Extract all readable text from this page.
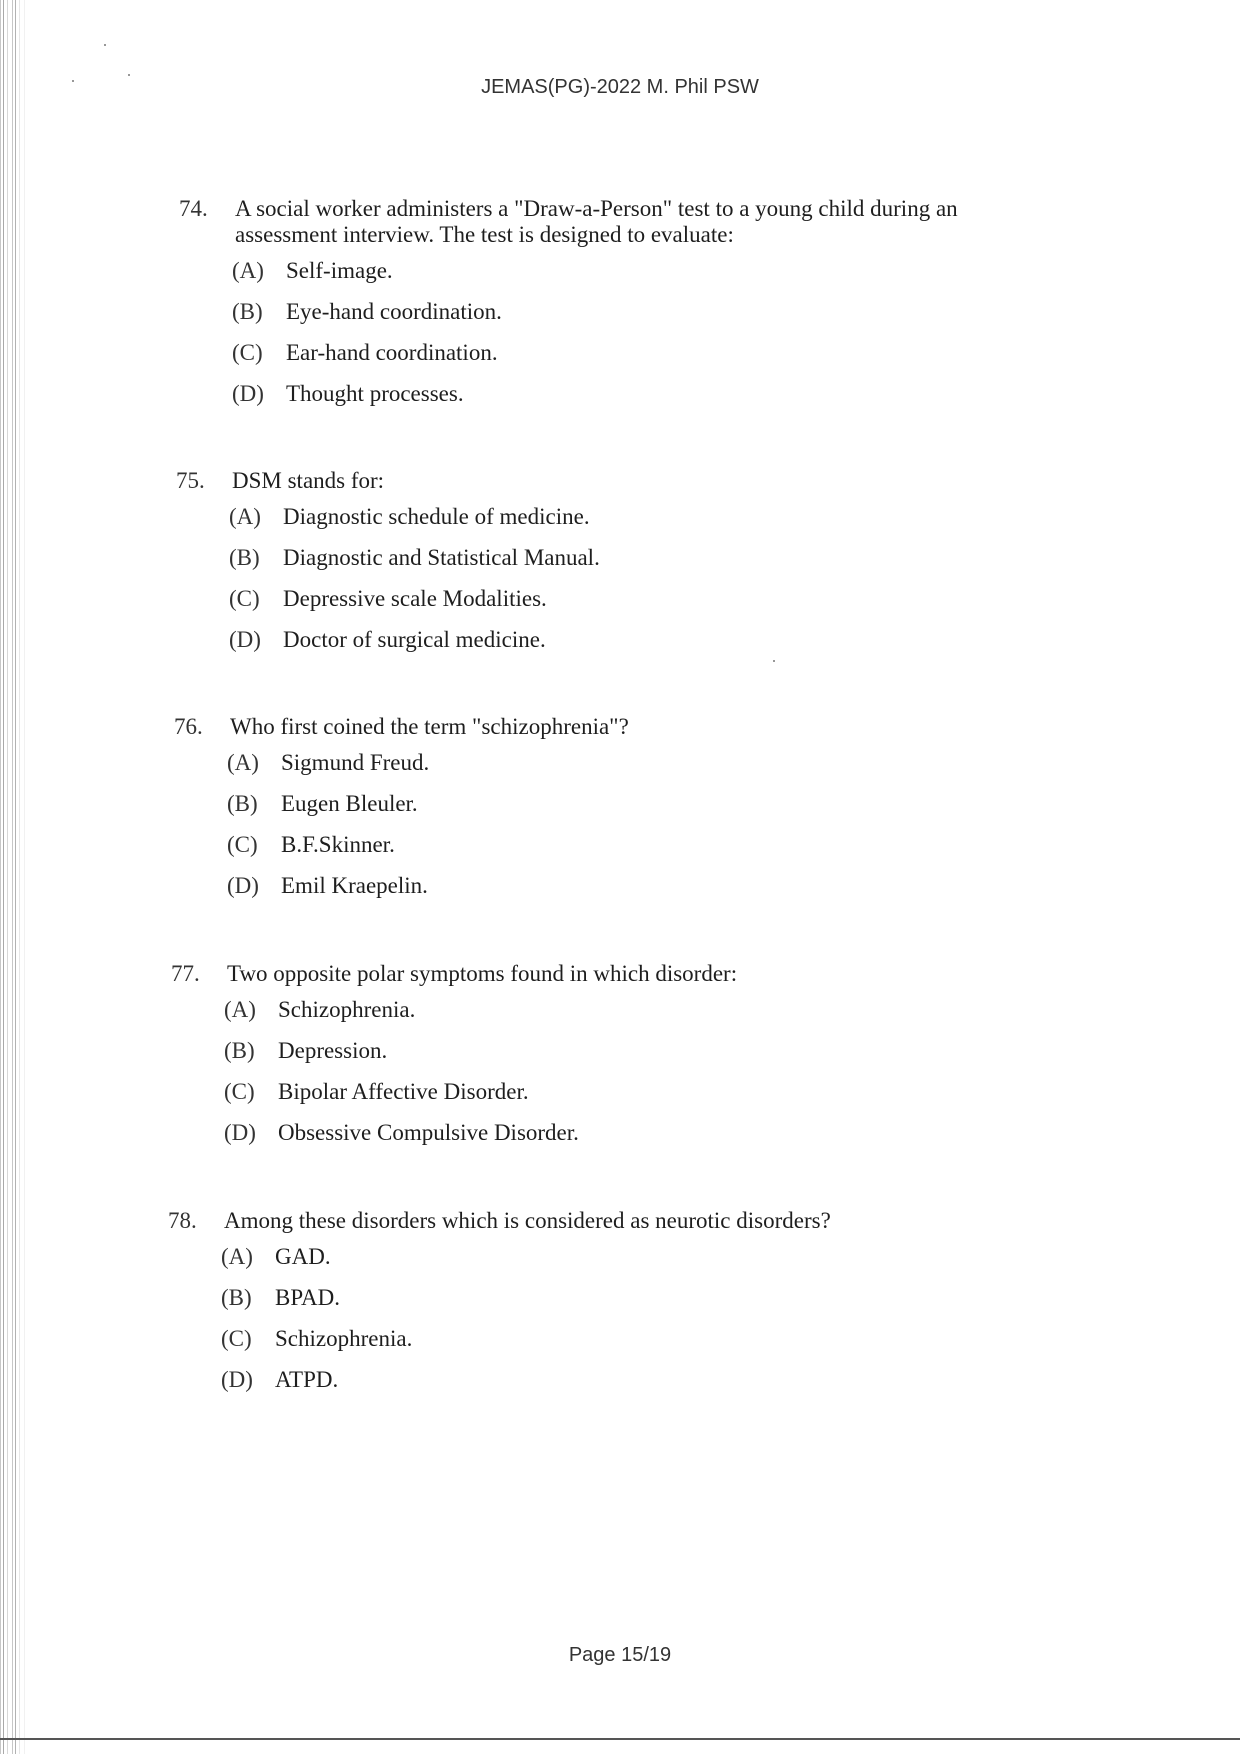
JEMAS(PG)-2022 M. Phil PSW
74.	A social worker administers a "Draw-a-Person" test to a young child during an
assessment interview. The test is designed to evaluate:
(A) Self-image.
(B)	Eye-hand coordination.
(C)	Ear-hand coordination.
(D) Thought processes.
75.	DSM stands for:
(A) Diagnostic schedule of medicine.
(B)	Diagnostic and Statistical Manual.
(C)	Depressive scale Modalities.
(D) Doctor of surgical medicine.
76.	Who first coined the term "schizophrenia"?
(A) Sigmund Freud.
(B)	Eugen Bleuler.
(C)	B.F.Skinner.
(D) Emil Kraepelin.
77.	Two opposite polar symptoms found in which disorder:
(A) Schizophrenia.
(B)	Depression.
(C)	Bipolar Affective Disorder.
(D) Obsessive Compulsive Disorder.
78.	Among these disorders which is considered as neurotic disorders?
(A) GAD.
(B)	BPAD.
(C)	Schizophrenia.
(D) ATPD.
Page 15/19
